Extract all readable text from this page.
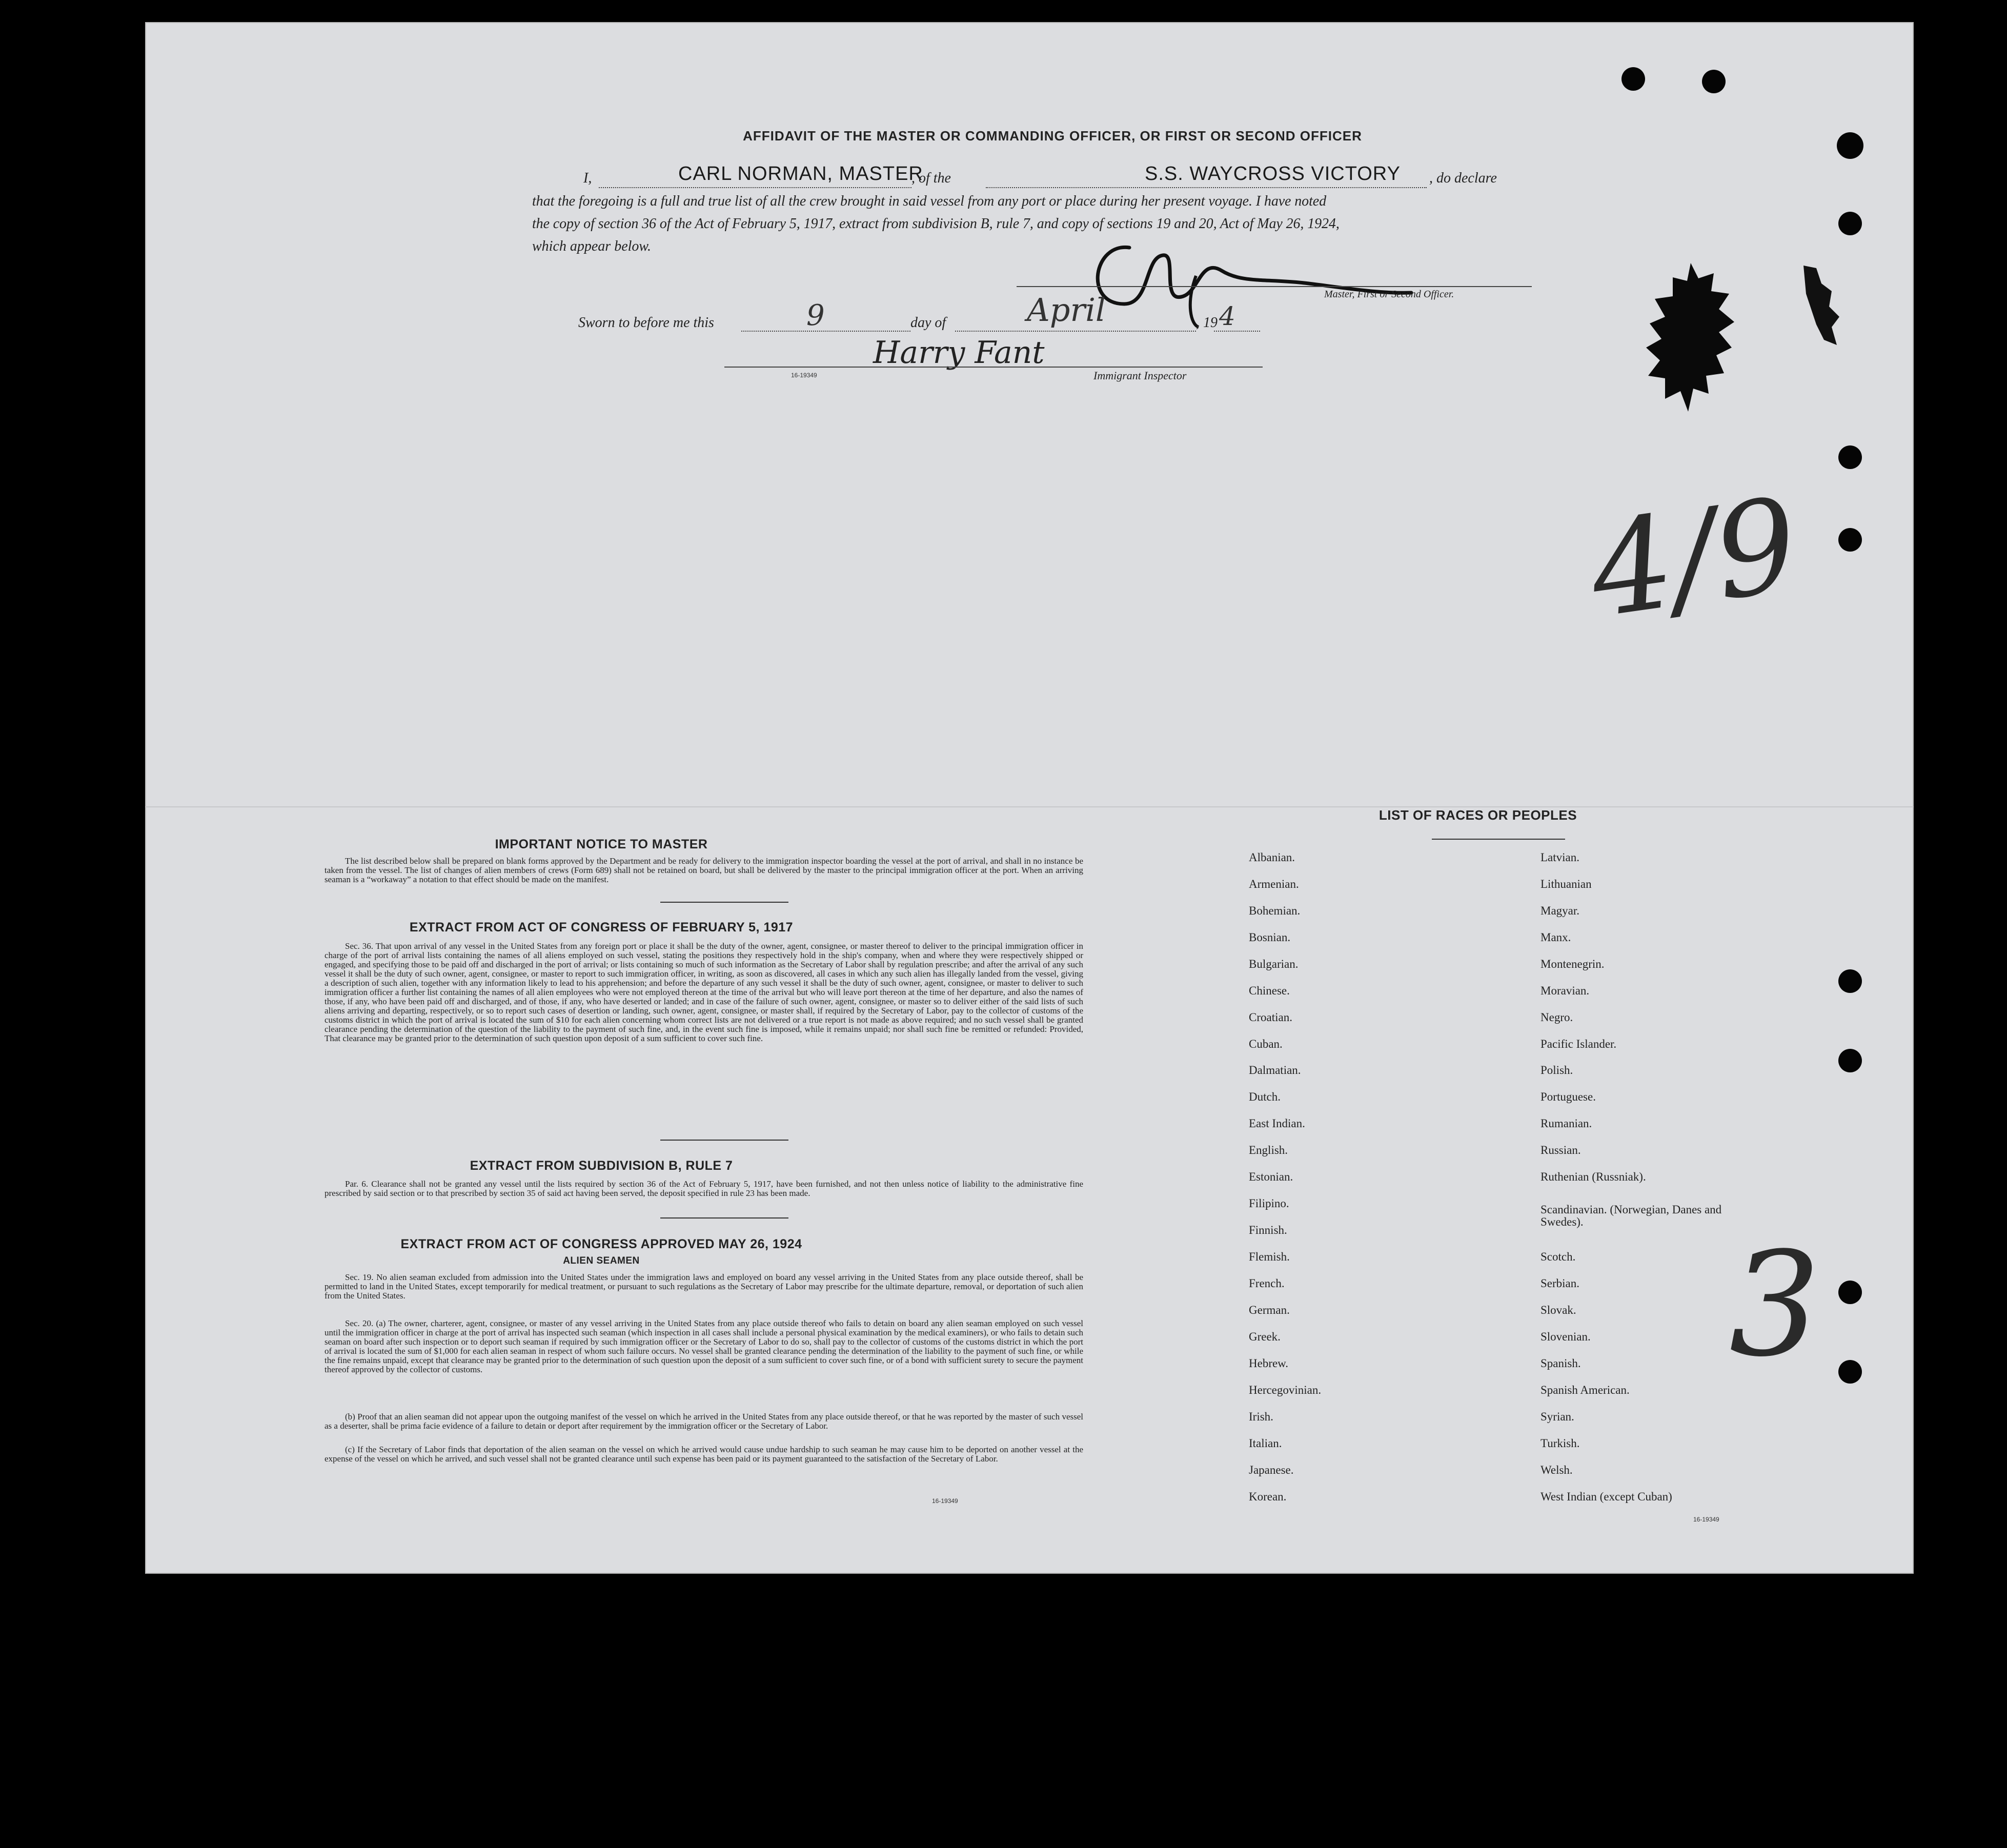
AFFIDAVIT OF THE MASTER OR COMMANDING OFFICER, OR FIRST OR SECOND OFFICER
I,	CARL NORMAN, MASTER
, of the	S.S. WAYCROSS VICTORY , do declare
that the foregoing is a full and true list of all the crew brought in said vessel from any port or place during her present voyage. I have noted
the copy of section 36 of the Act of February 5, 1917, extract from subdivision B, rule 7, and copy of sections 19 and 20, Act of May 26, 1924,
which appear below.
Master, First or Second Officer.
Sworn to before me this	9	day of	April	, 19 4
Harry Fant
16-19349	Immigrant Inspector
4/9
3
IMPORTANT NOTICE TO MASTER
The list described below shall be prepared on blank forms approved by the Department and be ready for delivery to the immigration inspector boarding the vessel at the port of arrival, and shall in no instance be taken from the vessel. The list of changes of alien members of crews (Form 689) shall not be retained on board, but shall be delivered by the master to the principal immigration officer at the port. When an arriving seaman is a “workaway” a notation to that effect should be made on the manifest.
EXTRACT FROM ACT OF CONGRESS OF FEBRUARY 5, 1917
Sec. 36. That upon arrival of any vessel in the United States from any foreign port or place it shall be the duty of the owner, agent, consignee, or master thereof to deliver to the principal immigration officer in charge of the port of arrival lists containing the names of all aliens employed on such vessel, stating the positions they respectively hold in the ship's company, when and where they were respectively shipped or engaged, and specifying those to be paid off and discharged in the port of arrival; or lists containing so much of such information as the Secretary of Labor shall by regulation prescribe; and after the arrival of any such vessel it shall be the duty of such owner, agent, consignee, or master to report to such immigration officer, in writing, as soon as discovered, all cases in which any such alien has illegally landed from the vessel, giving a description of such alien, together with any information likely to lead to his apprehension; and before the departure of any such vessel it shall be the duty of such owner, agent, consignee, or master to deliver to such immigration officer a further list containing the names of all alien employees who were not employed thereon at the time of the arrival but who will leave port thereon at the time of her departure, and also the names of those, if any, who have been paid off and discharged, and of those, if any, who have deserted or landed; and in case of the failure of such owner, agent, consignee, or master so to deliver either of the said lists of such aliens arriving and departing, respectively, or so to report such cases of desertion or landing, such owner, agent, consignee, or master shall, if required by the Secretary of Labor, pay to the collector of customs of the customs district in which the port of arrival is located the sum of $10 for each alien concerning whom correct lists are not delivered or a true report is not made as above required; and no such vessel shall be granted clearance pending the determination of the question of the liability to the payment of such fine, and, in the event such fine is imposed, while it remains unpaid; nor shall such fine be remitted or refunded: Provided, That clearance may be granted prior to the determination of such question upon deposit of a sum sufficient to cover such fine.
EXTRACT FROM SUBDIVISION B, RULE 7
Par. 6. Clearance shall not be granted any vessel until the lists required by section 36 of the Act of February 5, 1917, have been furnished, and not then unless notice of liability to the administrative fine prescribed by said section or to that prescribed by section 35 of said act having been served, the deposit specified in rule 23 has been made.
EXTRACT FROM ACT OF CONGRESS APPROVED MAY 26, 1924
ALIEN SEAMEN
Sec. 19. No alien seaman excluded from admission into the United States under the immigration laws and employed on board any vessel arriving in the United States from any place outside thereof, shall be permitted to land in the United States, except temporarily for medical treatment, or pursuant to such regulations as the Secretary of Labor may prescribe for the ultimate departure, removal, or deportation of such alien from the United States.
Sec. 20. (a) The owner, charterer, agent, consignee, or master of any vessel arriving in the United States from any place outside thereof who fails to detain on board any alien seaman employed on such vessel until the immigration officer in charge at the port of arrival has inspected such seaman (which inspection in all cases shall include a personal physical examination by the medical examiners), or who fails to detain such seaman on board after such inspection or to deport such seaman if required by such immigration officer or the Secretary of Labor to do so, shall pay to the collector of customs of the customs district in which the port of arrival is located the sum of $1,000 for each alien seaman in respect of whom such failure occurs. No vessel shall be granted clearance pending the determination of the liability to the payment of such fine, or while the fine remains unpaid, except that clearance may be granted prior to the determination of such question upon the deposit of a sum sufficient to cover such fine, or of a bond with sufficient surety to secure the payment thereof approved by the collector of customs.
(b) Proof that an alien seaman did not appear upon the outgoing manifest of the vessel on which he arrived in the United States from any place outside thereof, or that he was reported by the master of such vessel as a deserter, shall be prima facie evidence of a failure to detain or deport after requirement by the immigration officer or the Secretary of Labor.
(c) If the Secretary of Labor finds that deportation of the alien seaman on the vessel on which he arrived would cause undue hardship to such seaman he may cause him to be deported on another vessel at the expense of the vessel on which he arrived, and such vessel shall not be granted clearance until such expense has been paid or its payment guaranteed to the satisfaction of the Secretary of Labor.
16-19349
LIST OF RACES OR PEOPLES
Albanian.
Armenian.
Bohemian.
Bosnian.
Bulgarian.
Chinese.
Croatian.
Cuban.
Dalmatian.
Dutch.
East Indian.
English.
Estonian.
Filipino.
Finnish.
Flemish.
French.
German.
Greek.
Hebrew.
Hercegovinian.
Irish.
Italian.
Japanese.
Korean.
Latvian.
Lithuanian
Magyar.
Manx.
Montenegrin.
Moravian.
Negro.
Pacific Islander.
Polish.
Portuguese.
Rumanian.
Russian.
Ruthenian (Russniak).
Scandinavian. (Norwegian, Danes and Swedes).
Scotch.
Serbian.
Slovak.
Slovenian.
Spanish.
Spanish American.
Syrian.
Turkish.
Welsh.
West Indian (except Cuban)
16-19349
